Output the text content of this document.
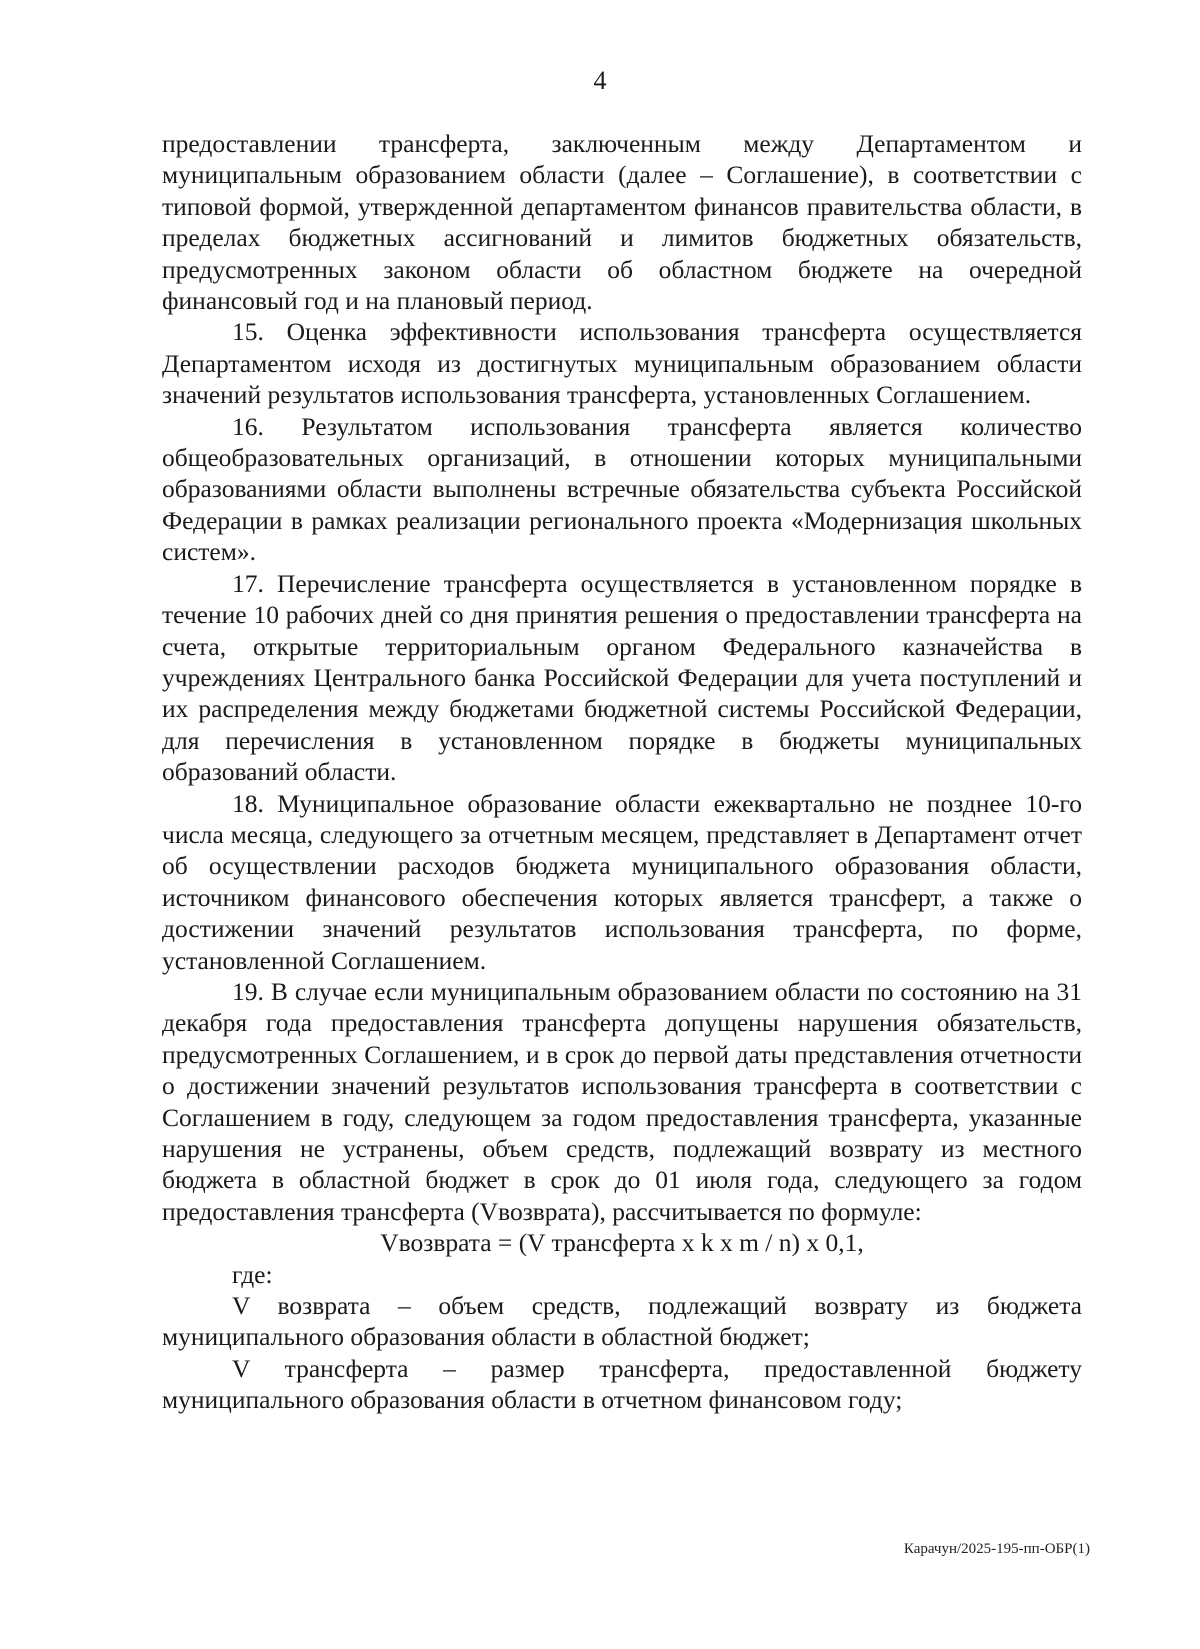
4

предоставлении трансферта, заключенным между Департаментом и муниципальным образованием области (далее – Соглашение), в соответствии с типовой формой, утвержденной департаментом финансов правительства области, в пределах бюджетных ассигнований и лимитов бюджетных обязательств, предусмотренных законом области об областном бюджете на очередной финансовый год и на плановый период.

15. Оценка эффективности использования трансферта осуществляется Департаментом исходя из достигнутых муниципальным образованием области значений результатов использования трансферта, установленных Соглашением.

16. Результатом использования трансферта является количество общеобразовательных организаций, в отношении которых муниципальными образованиями области выполнены встречные обязательства субъекта Российской Федерации в рамках реализации регионального проекта «Модернизация школьных систем».

17. Перечисление трансферта осуществляется в установленном порядке в течение 10 рабочих дней со дня принятия решения о предоставлении трансферта на счета, открытые территориальным органом Федерального казначейства в учреждениях Центрального банка Российской Федерации для учета поступлений и их распределения между бюджетами бюджетной системы Российской Федерации, для перечисления в установленном порядке в бюджеты муниципальных образований области.

18. Муниципальное образование области ежеквартально не позднее 10-го числа месяца, следующего за отчетным месяцем, представляет в Департамент отчет об осуществлении расходов бюджета муниципального образования области, источником финансового обеспечения которых является трансферт, а также о достижении значений результатов использования трансферта, по форме, установленной Соглашением.

19. В случае если муниципальным образованием области по состоянию на 31 декабря года предоставления трансферта допущены нарушения обязательств, предусмотренных Соглашением, и в срок до первой даты представления отчетности о достижении значений результатов использования трансферта в соответствии с Соглашением в году, следующем за годом предоставления трансферта, указанные нарушения не устранены, объем средств, подлежащий возврату из местного бюджета в областной бюджет в срок до 01 июля года, следующего за годом предоставления трансферта (Vвозврата), рассчитывается по формуле:

Vвозврата = (V трансферта x k x m / n) x 0,1,

где:

V возврата – объем средств, подлежащий возврату из бюджета муниципального образования области в областной бюджет;

V трансферта – размер трансферта, предоставленной бюджету муниципального образования области в отчетном финансовом году;

Карачун/2025-195-пп-ОБР(1)
